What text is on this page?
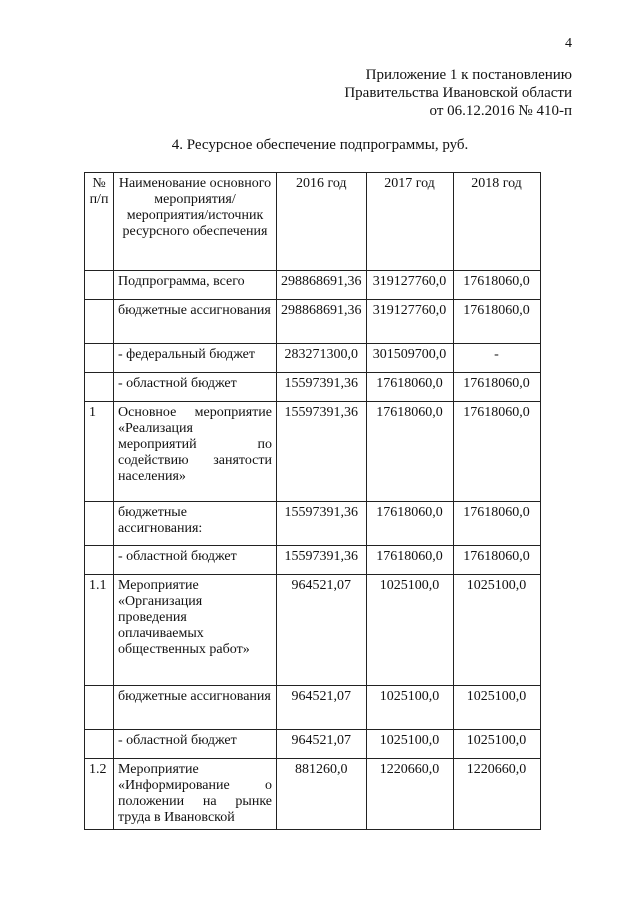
4
Приложение 1 к постановлению
Правительства Ивановской области
от 06.12.2016 № 410-п
4. Ресурсное обеспечение подпрограммы, руб.
№ п/п	Наименование основного мероприятия/мероприятия/источник ресурсного обеспечения	2016 год	2017 год	2018 год
	Подпрограмма, всего	298868691,36	319127760,0	17618060,0
	бюджетные ассигнования	298868691,36	319127760,0	17618060,0
	- федеральный бюджет	283271300,0	301509700,0	-
	- областной бюджет	15597391,36	17618060,0	17618060,0
1	Основное мероприятие «Реализация мероприятий по содействию занятости населения»	15597391,36	17618060,0	17618060,0
	бюджетные ассигнования:	15597391,36	17618060,0	17618060,0
	- областной бюджет	15597391,36	17618060,0	17618060,0
1.1	Мероприятие «Организация проведения оплачиваемых общественных работ»	964521,07	1025100,0	1025100,0
	бюджетные ассигнования	964521,07	1025100,0	1025100,0
	- областной бюджет	964521,07	1025100,0	1025100,0
1.2	Мероприятие «Информирование о положении на рынке труда в Ивановской	881260,0	1220660,0	1220660,0
